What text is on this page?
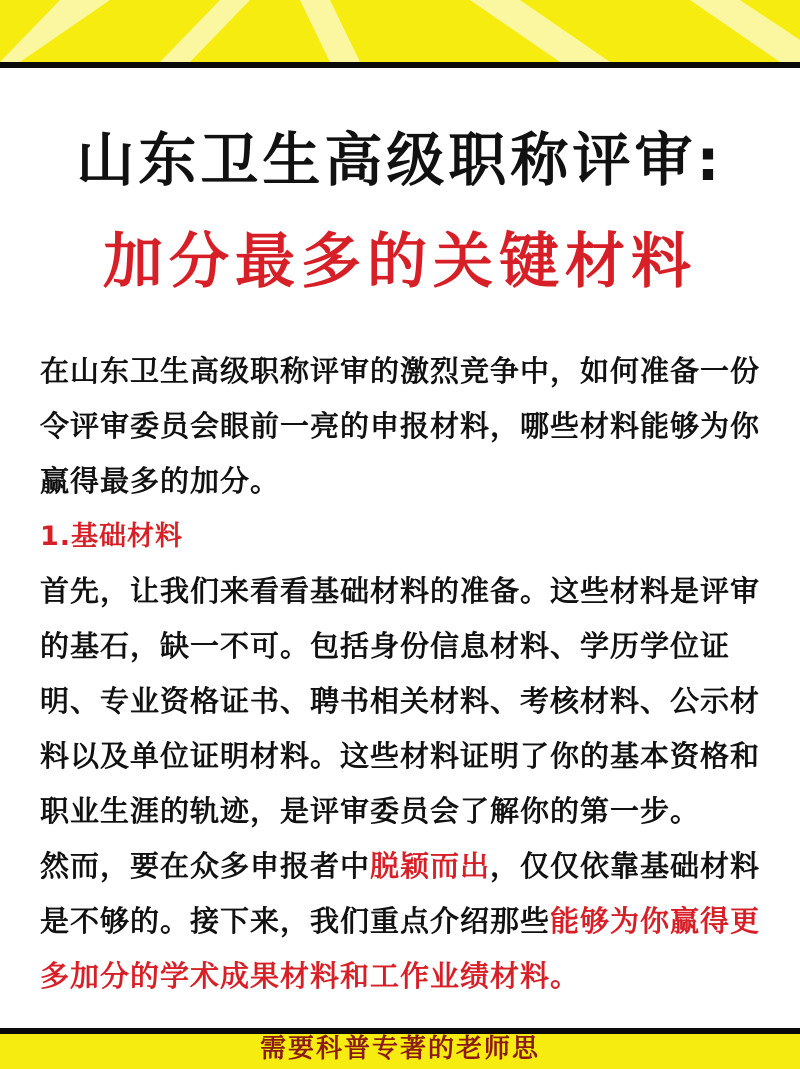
山东卫生高级职称评审:
加分最多的关键材料

在山东卫生高级职称评审的激烈竞争中，如何准备一份令评审委员会眼前一亮的申报材料，哪些材料能够为你赢得最多的加分。

1.基础材料

首先，让我们来看看基础材料的准备。这些材料是评审的基石，缺一不可。包括身份信息材料、学历学位证明、专业资格证书、聘书相关材料、考核材料、公示材料以及单位证明材料。这些材料证明了你的基本资格和职业生涯的轨迹，是评审委员会了解你的第一步。

然而，要在众多申报者中脱颖而出，仅仅依靠基础材料是不够的。接下来，我们重点介绍那些能够为你赢得更多加分的学术成果材料和工作业绩材料。

需要科普专著的老师思
